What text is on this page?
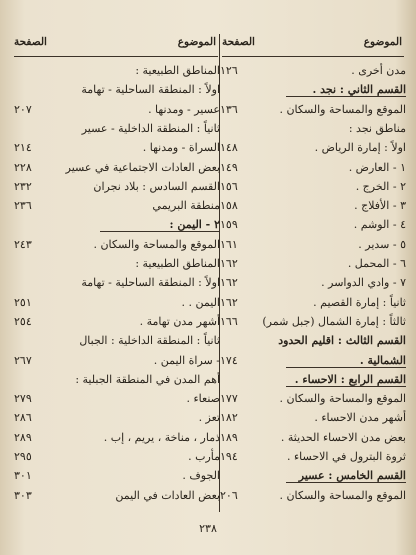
الصفحة	الموضوع الصفحة	الموضوع
المناطق الطبيعية :
اولاً : المنطقة الساحلية - تهامة
عسير - ومدنها .
٢٠٧
ثانياً : المنطقة الداخلية - عسير
السراة - ومدنها .
٢١٤
بعض العادات الاجتماعية في عسير
٢٢٨
القسم السادس : بلاد نجران
٢٣٢
منطقة البريمي
٢٣٦
٢ - اليمن :
الموقع والمساحة والسكان .
٢٤٣
المناطق الطبيعية :
اولاً : المنطقة الساحلية - تهامة
اليمن . .
٢٥١
أشهر مدن تهامة .
٢٥٤
ثانياً : المنطقة الداخلية : الجبال
- سراة اليمن .
٢٦٧
أهم المدن في المنطقة الجبلية :
صنعاء .
٢٧٩
تعز .
٢٨٦
ذمار ، مناخة ، يريم ، إب .
٢٨٩
مأرب .
٢٩٥
الجوف .
٣٠١
بعض العادات في اليمن
٣٠٣
مدن أخرى .
١٢٦
القسم الثاني : نجد .
الموقع والمساحة والسكان .
١٣٦
مناطق نجد :
اولاً : إمارة الرياض .
١٤٨
١ - العارض .
١٤٩
٢ - الخرج .
١٥٦
٣ - الأفلاج .
١٥٨
٤ - الوشم .
١٥٩
٥ - سدير .
١٦١
٦ - المحمل .
١٦٢
٧ - وادي الدواسر .
١٦٢
ثانياً : إمارة القصيم .
١٦٢
ثالثاً : إمارة الشمال (جبل شمر)
١٦٦
القسم الثالث : اقليم الحدود
الشمالية .
١٧٤
القسم الرابع : الاحساء .
الموقع والمساحة والسكان .
١٧٧
أشهر مدن الاحساء .
١٨٢
بعض مدن الاحساء الحديثة .
١٨٩
ثروة البترول في الاحساء .
١٩٤
القسم الخامس : عسير
الموقع والمساحة والسكان .
٢٠٦
٢٣٨
